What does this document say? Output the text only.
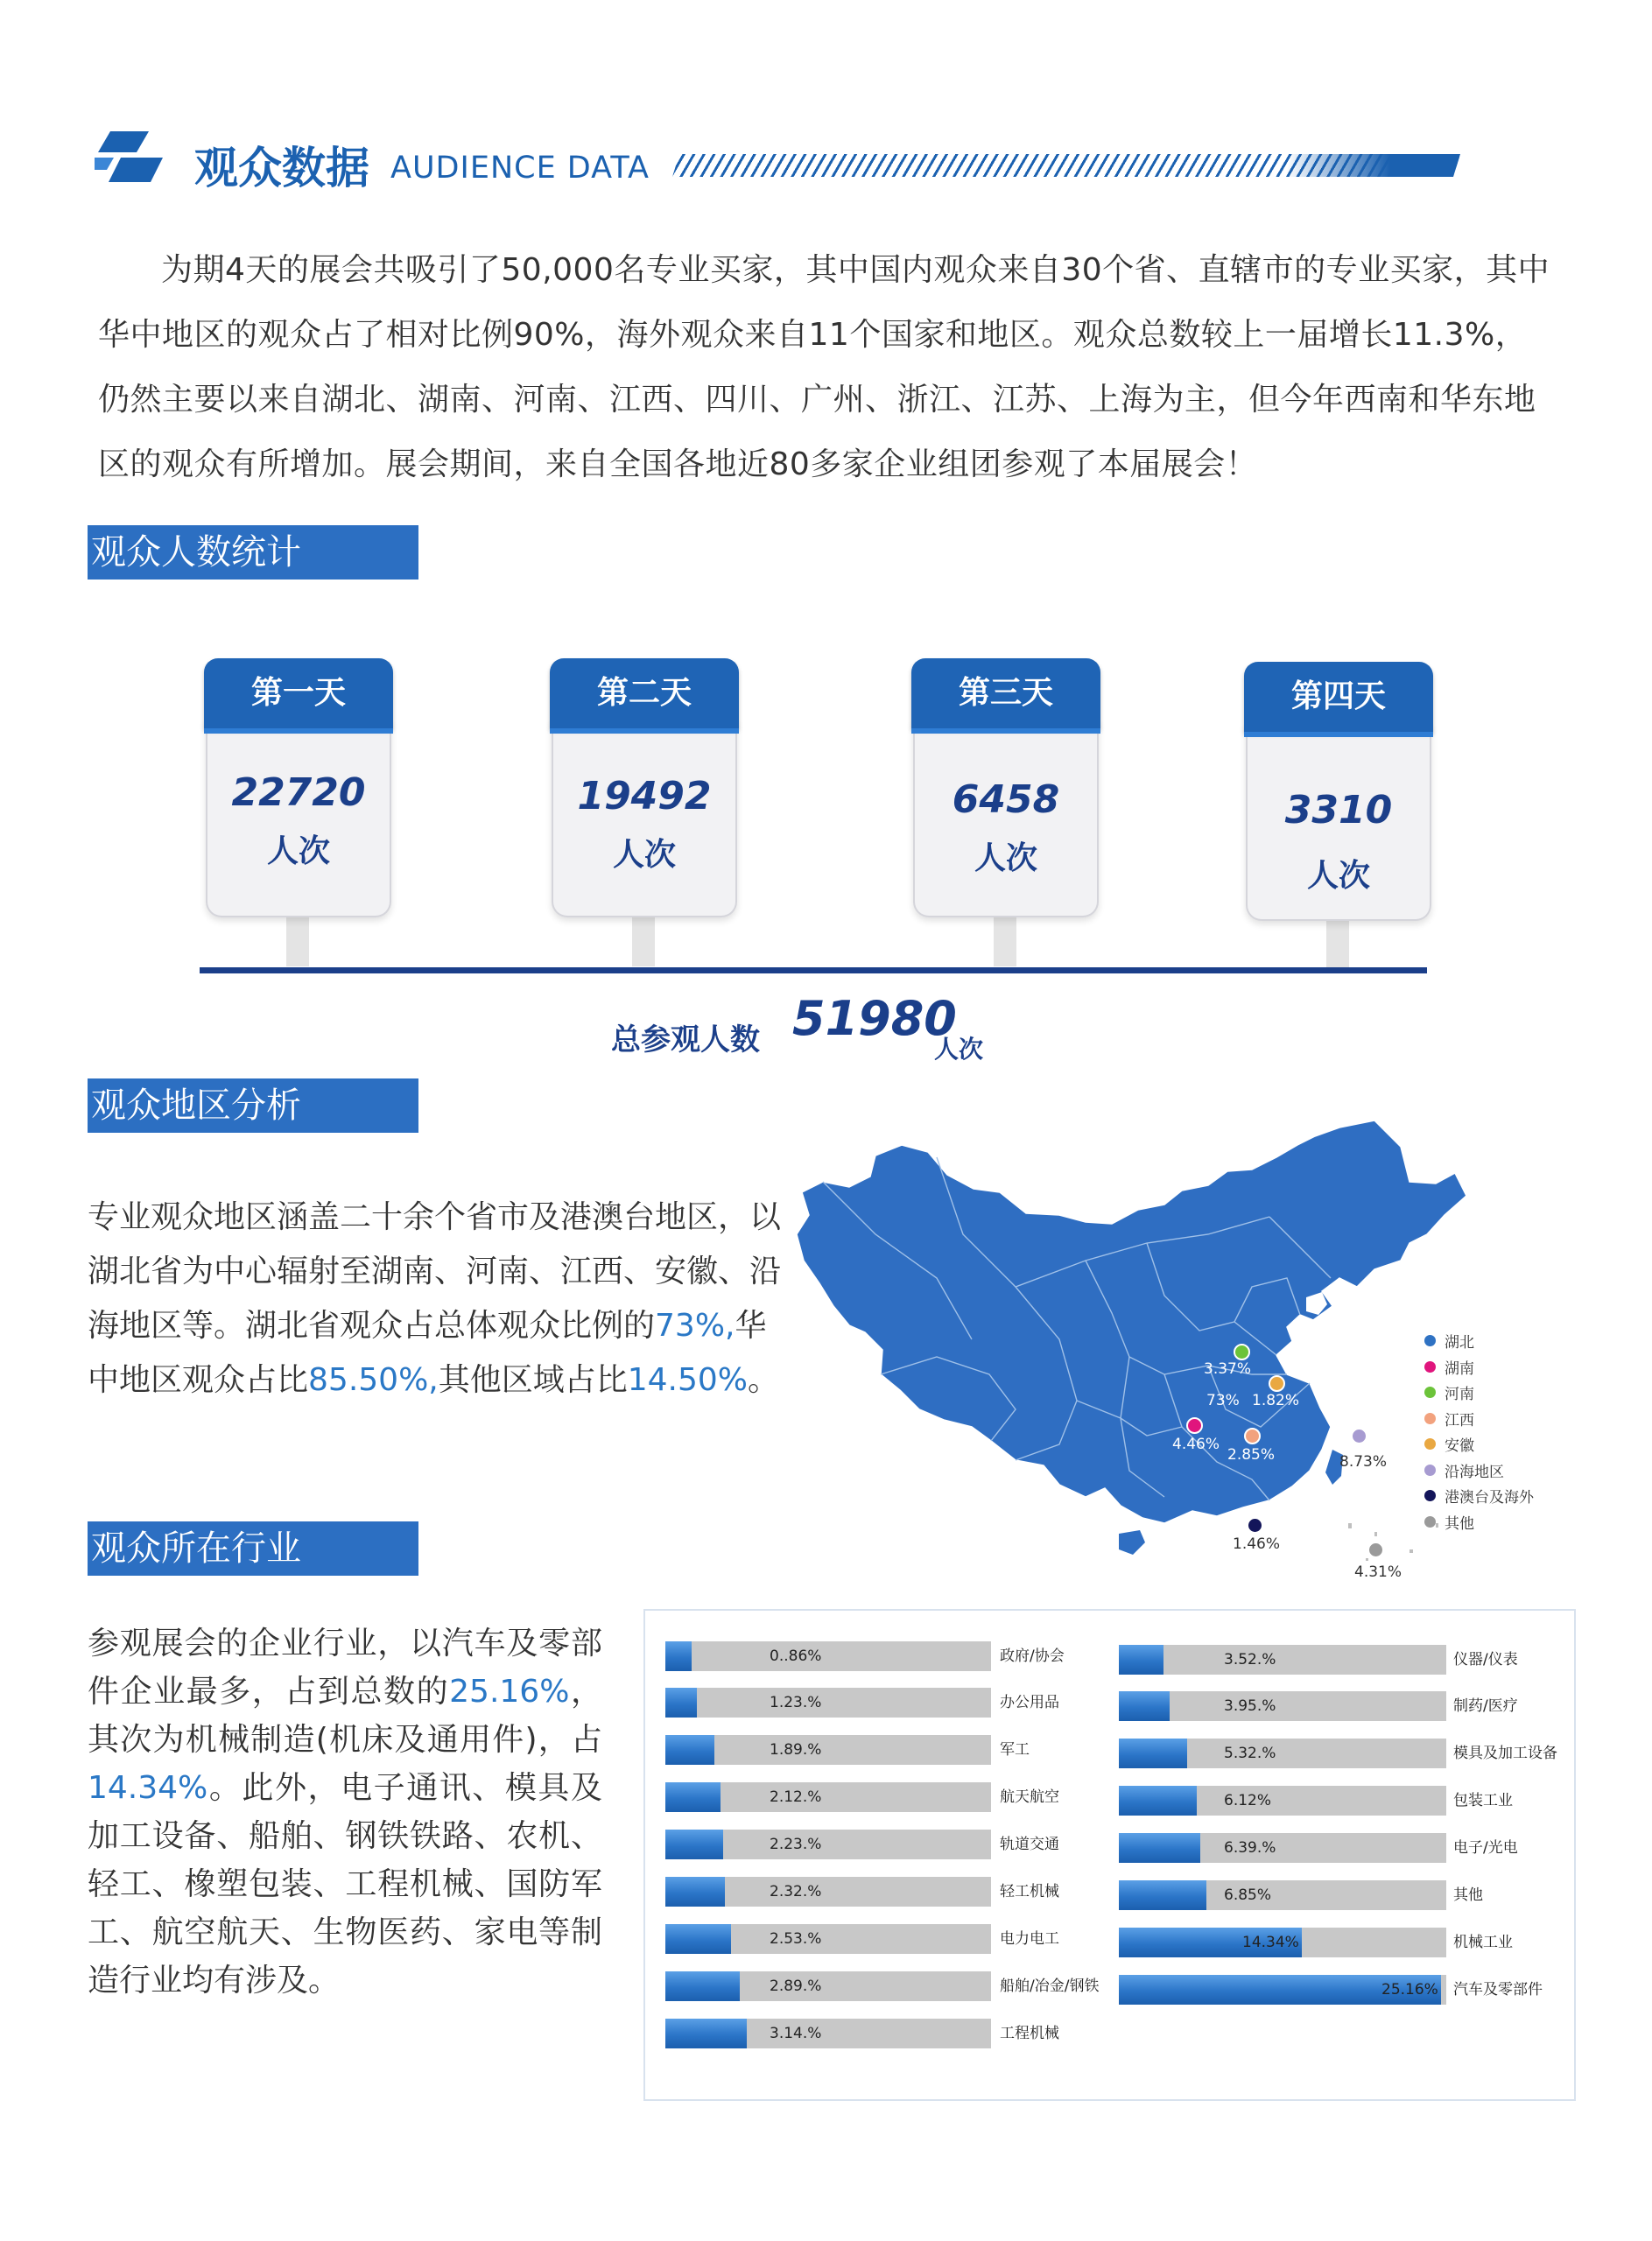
观众数据 AUDIENCE DATA
为期4天的展会共吸引了50,000名专业买家，其中国内观众来自30个省、直辖市的专业买家，其中华中地区的观众占了相对比例90%，海外观众来自11个国家和地区。观众总数较上一届增长11.3%，仍然主要以来自湖北、湖南、河南、江西、四川、广州、浙江、江苏、上海为主，但今年西南和华东地区的观众有所增加。展会期间，来自全国各地近80多家企业组团参观了本届展会！
观众人数统计
第一天
22720
人次
第二天
19492
人次
第三天
6458
人次
第四天
3310
人次
总参观人数 51980
人次
观众地区分析
专业观众地区涵盖二十余个省市及港澳台地区，以湖北省为中心辐射至湖南、河南、江西、安徽、沿海地区等。湖北省观众占总体观众比例的73%,华中地区观众占比85.50%,其他区域占比14.50%。	3.37%
1.82%
73%
4.46%
2.85%	8.73%
1.46%
4.31%
湖北
湖南
河南
江西
安徽
沿海地区
港澳台及海外
其他
观众所在行业
参观展会的企业行业，以汽车及零部件企业最多，占到总数的25.16%，其次为机械制造(机床及通用件)，占14.34%。此外，电子通讯、模具及加工设备、船舶、钢铁铁路、农机、轻工、橡塑包装、工程机械、国防军工、航空航天、生物医药、家电等制造行业均有涉及。
0..86%	政府/协会
1.23.%	办公用品
1.89.%	军工
2.12.%	航天航空
2.23.%	轨道交通
2.32.%	轻工机械
2.53.%	电力电工
2.89.%	船舶/冶金/钢铁
3.14.%	工程机械
3.52.%	仪器/仪表
3.95.%	制药/医疗
5.32.%	模具及加工设备
6.12%	包装工业
6.39.%	电子/光电
6.85%	其他
14.34%	机械工业
25.16% 汽车及零部件
